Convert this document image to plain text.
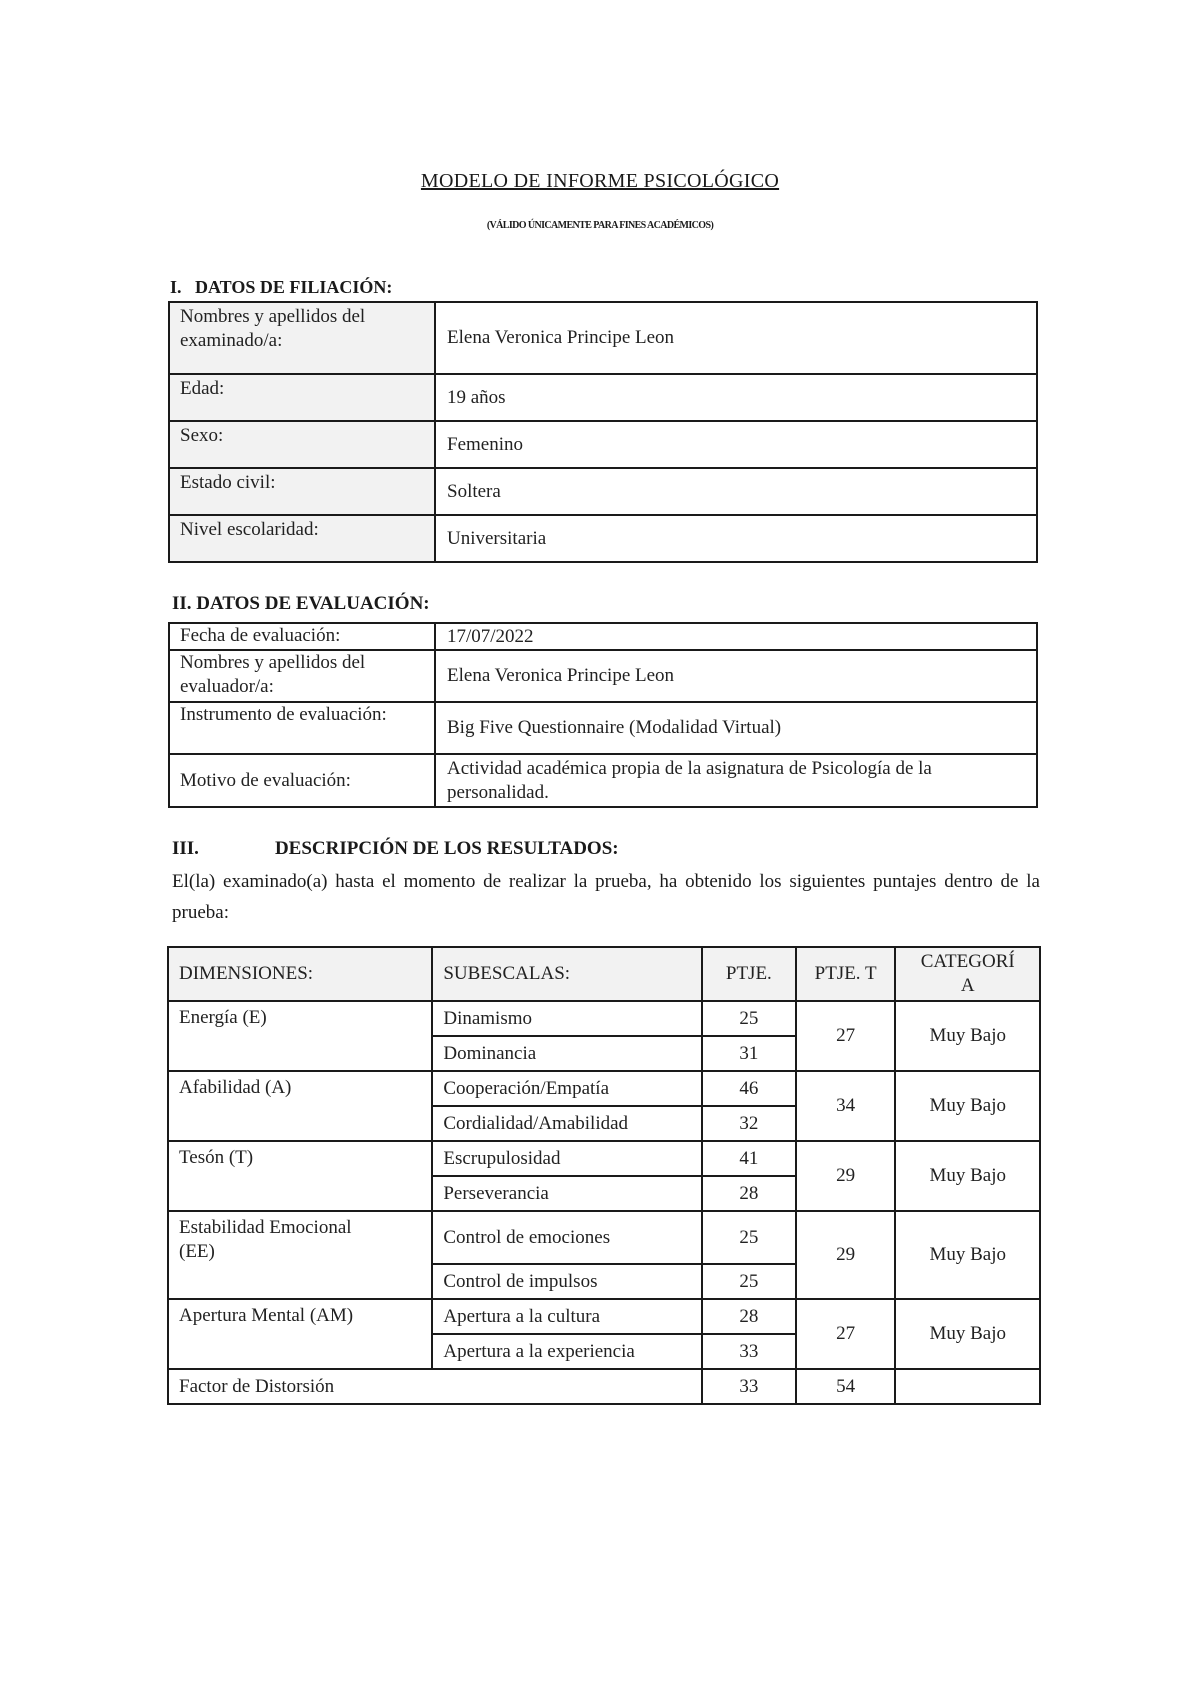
MODELO DE INFORME PSICOLÓGICO
(VÁLIDO ÚNICAMENTE PARA FINES ACADÉMICOS)
I.   DATOS DE FILIACIÓN:
Nombres y apellidos del examinado/a:	Elena Veronica Principe Leon
Edad:	19 años
Sexo:	Femenino
Estado civil:	Soltera
Nivel escolaridad:	Universitaria
II. DATOS DE EVALUACIÓN:
Fecha de evaluación:	17/07/2022
Nombres y apellidos del evaluador/a:	Elena Veronica Principe Leon
Instrumento de evaluación:	Big Five Questionnaire (Modalidad Virtual)
Motivo de evaluación:	Actividad académica propia de la asignatura de Psicología de la personalidad.
III.	DESCRIPCIÓN DE LOS RESULTADOS:
El(la) examinado(a) hasta el momento de realizar la prueba, ha obtenido los siguientes puntajes dentro de la prueba:
DIMENSIONES:	SUBESCALAS:	PTJE.	PTJE. T	CATEGORÍA
Energía (E)	Dinamismo	25	27	Muy Bajo
	Dominancia	31		
Afabilidad (A)	Cooperación/Empatía	46	34	Muy Bajo
	Cordialidad/Amabilidad	32		
Tesón (T)	Escrupulosidad	41	29	Muy Bajo
	Perseverancia	28		
Estabilidad Emocional (EE)	Control de emociones	25	29	Muy Bajo
	Control de impulsos	25		
Apertura Mental (AM)	Apertura a la cultura	28	27	Muy Bajo
	Apertura a la experiencia	33		
Factor de Distorsión		33	54	
